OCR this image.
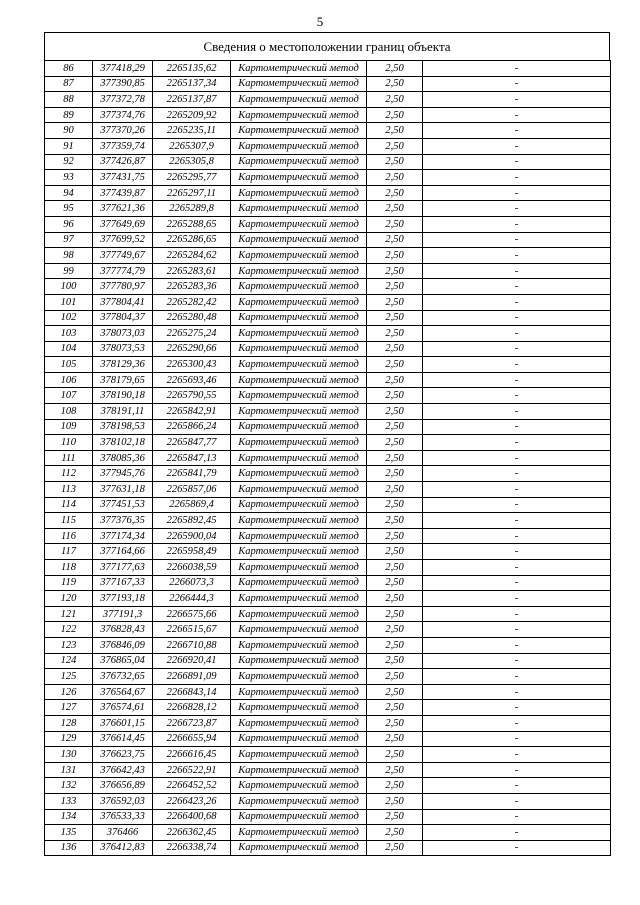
5
Сведения о местоположении границ объекта
86	377418,29	2265135,62	Картометрический метод	2,50	-
87	377390,85	2265137,34	Картометрический метод	2,50	-
88	377372,78	2265137,87	Картометрический метод	2,50	-
89	377374,76	2265209,92	Картометрический метод	2,50	-
90	377370,26	2265235,11	Картометрический метод	2,50	-
91	377359,74	2265307,9	Картометрический метод	2,50	-
92	377426,87	2265305,8	Картометрический метод	2,50	-
93	377431,75	2265295,77	Картометрический метод	2,50	-
94	377439,87	2265297,11	Картометрический метод	2,50	-
95	377621,36	2265289,8	Картометрический метод	2,50	-
96	377649,69	2265288,65	Картометрический метод	2,50	-
97	377699,52	2265286,65	Картометрический метод	2,50	-
98	377749,67	2265284,62	Картометрический метод	2,50	-
99	377774,79	2265283,61	Картометрический метод	2,50	-
100	377780,97	2265283,36	Картометрический метод	2,50	-
101	377804,41	2265282,42	Картометрический метод	2,50	-
102	377804,37	2265280,48	Картометрический метод	2,50	-
103	378073,03	2265275,24	Картометрический метод	2,50	-
104	378073,53	2265290,66	Картометрический метод	2,50	-
105	378129,36	2265300,43	Картометрический метод	2,50	-
106	378179,65	2265693,46	Картометрический метод	2,50	-
107	378190,18	2265790,55	Картометрический метод	2,50	-
108	378191,11	2265842,91	Картометрический метод	2,50	-
109	378198,53	2265866,24	Картометрический метод	2,50	-
110	378102,18	2265847,77	Картометрический метод	2,50	-
111	378085,36	2265847,13	Картометрический метод	2,50	-
112	377945,76	2265841,79	Картометрический метод	2,50	-
113	377631,18	2265857,06	Картометрический метод	2,50	-
114	377451,53	2265869,4	Картометрический метод	2,50	-
115	377376,35	2265892,45	Картометрический метод	2,50	-
116	377174,34	2265900,04	Картометрический метод	2,50	-
117	377164,66	2265958,49	Картометрический метод	2,50	-
118	377177,63	2266038,59	Картометрический метод	2,50	-
119	377167,33	2266073,3	Картометрический метод	2,50	-
120	377193,18	2266444,3	Картометрический метод	2,50	-
121	377191,3	2266575,66	Картометрический метод	2,50	-
122	376828,43	2266515,67	Картометрический метод	2,50	-
123	376846,09	2266710,88	Картометрический метод	2,50	-
124	376865,04	2266920,41	Картометрический метод	2,50	-
125	376732,65	2266891,09	Картометрический метод	2,50	-
126	376564,67	2266843,14	Картометрический метод	2,50	-
127	376574,61	2266828,12	Картометрический метод	2,50	-
128	376601,15	2266723,87	Картометрический метод	2,50	-
129	376614,45	2266655,94	Картометрический метод	2,50	-
130	376623,75	2266616,45	Картометрический метод	2,50	-
131	376642,43	2266522,91	Картометрический метод	2,50	-
132	376656,89	2266452,52	Картометрический метод	2,50	-
133	376592,03	2266423,26	Картометрический метод	2,50	-
134	376533,33	2266400,68	Картометрический метод	2,50	-
135	376466	2266362,45	Картометрический метод	2,50	-
136	376412,83	2266338,74	Картометрический метод	2,50	-
